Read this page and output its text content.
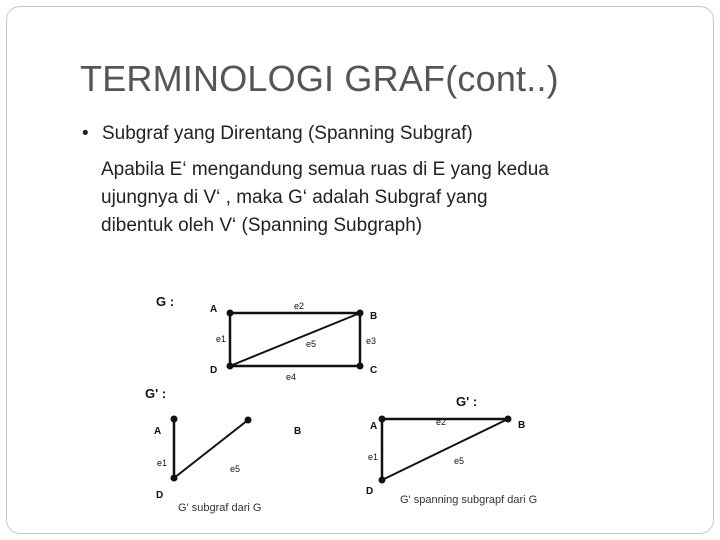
TERMINOLOGI GRAF(cont..)
• Subgraf yang Direntang (Spanning Subgraf)
Apabila E‘ mengandung semua ruas di E yang kedua
ujungnya di V‘ , maka G‘ adalah Subgraf yang
dibentuk oleh V‘ (Spanning Subgraph)
G :
A
B
C
D
e1
e2
e3
e4
e5
G' :
A	B
D
e1
e5
G' subgraf dari G
G' :
A	B
D
e2
e1	e5
G' spanning subgrapf dari G
